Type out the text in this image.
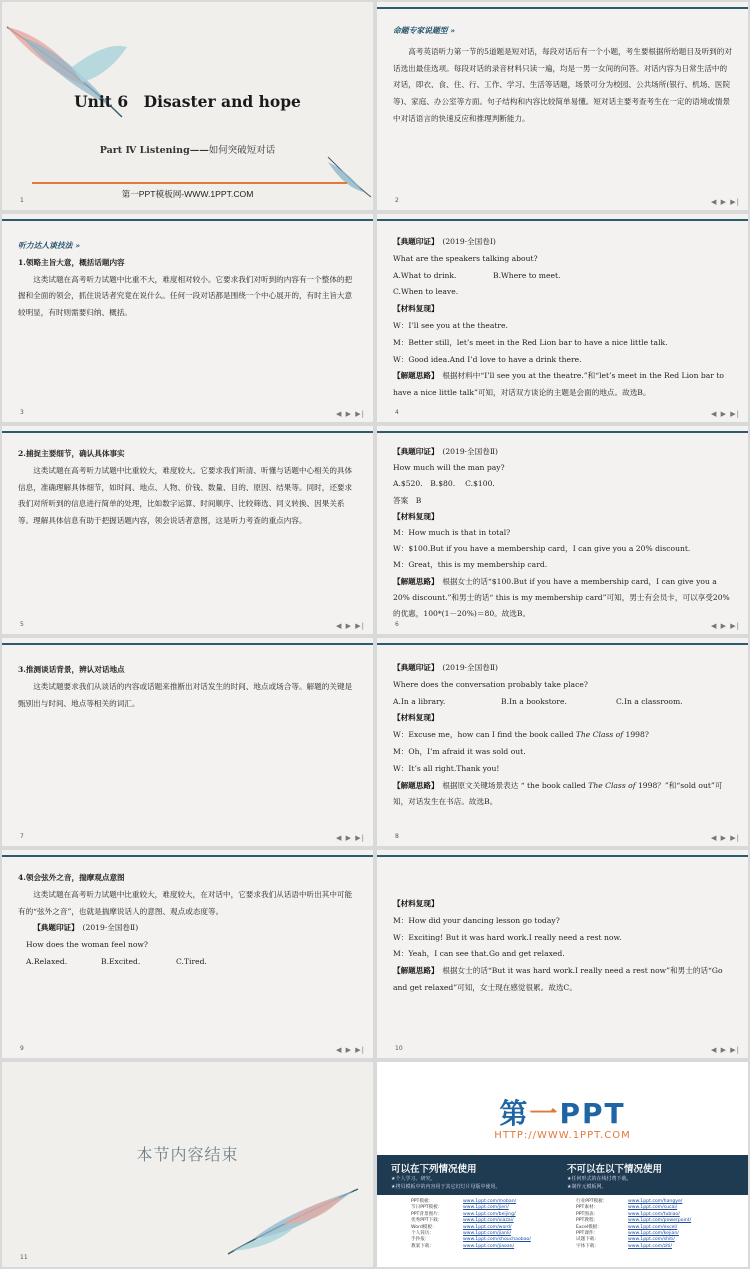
Unit 6　Disaster and hope
Part Ⅳ Listening——如何突破短对话
第一PPT模板网-WWW.1PPT.COM
1

命题专家说题型 »

高考英语听力第一节的5道题是短对话，每段对话后有一个小题，考生要根据所给题目及听到的对话选出最佳选项。每段对话的录音材料只读一遍，均是一男一女间的问答。对话内容为日常生活中的对话，即衣、食、住、行、工作、学习、生活等话题，场景可分为校园、公共场所(银行、机场、医院等)、家庭、办公室等方面。句子结构和内容比较简单易懂。短对话主要考查考生在一定的语境或情景中对话语言的快速反应和推理判断能力。

2	◀ ▶ ▶|

听力达人谈技法 »

1.领略主旨大意，概括话题内容

这类试题在高考听力试题中比重不大，难度相对较小。它要求我们对听到的内容有一个整体的把握和全面的领会，抓住说话者究竟在说什么。任何一段对话都是围绕一个中心展开的，有时主旨大意较明显，有时则需要归纳、概括。

3	◀ ▶ ▶|

【典题印证】　 (2019·全国卷Ⅰ)

What are the speakers talking about?

A.What to drink.	B.Where to meet.

C.When to leave.

【材料复现】

W：I’ll see you at the theatre.

M：Better still，let’s meet in the Red Lion bar to have a nice little talk.

W：Good idea.And I’d love to have a drink there.

【解题思路】　根据材料中“I’ll see you at the theatre.”和“let’s meet in the Red Lion bar to have a nice little talk”可知，对话双方谈论的主题是会面的地点。故选B。

4	◀ ▶ ▶|

2.捕捉主要细节，确认具体事实

这类试题在高考听力试题中比重较大，难度较大。它要求我们听清、听懂与话题中心相关的具体信息，准确理解具体细节，如时间、地点、人物、价钱、数量、目的、原因、结果等。同时，还要求我们对所听到的信息进行简单的处理，比如数字运算、时间顺序、比较筛选、同义转换、因果关系等。理解具体信息有助于把握话题内容，领会说话者意图，这是听力考查的重点内容。

5	◀ ▶ ▶|

【典题印证】　 (2019·全国卷Ⅱ)

How much will the man pay?

A.$520.　B.$80.　 C.$100.

答案　B

【材料复现】

M：How much is that in total?

W：$100.But if you have a membership card，I can give you a 20% discount.

M：Great，this is my membership card.

【解题思路】　根据女士的话“$100.But if you have a membership card，I can give you a 20% discount.”和男士的话“ this is my membership card”可知，男士有会员卡，可以享受20%的优惠，100*(1－20%)＝80。故选B。

6	◀ ▶ ▶|

3.推测谈话背景，辨认对话地点

这类试题要求我们从谈话的内容或话题来推断出对话发生的时间、地点或场合等。解题的关键是甄别出与时间、地点等相关的词汇。

7	◀ ▶ ▶|

【典题印证】　 (2019·全国卷Ⅱ)

Where does the conversation probably take place?

A.In a library.	B.In a bookstore.	C.In a classroom.

【材料复现】

W：Excuse me，how can I find the book called The Class of 1998?

M：Oh，I’m afraid it was sold out.

W：It’s all right.Thank you!

【解题思路】　根据原文关键场景表达 “ the book called The Class of 1998？”和“sold out”可知，对话发生在书店。故选B。

8	◀ ▶ ▶|

4.领会弦外之音，揣摩观点意图

这类试题在高考听力试题中比重较大，难度较大，在对话中，它要求我们从话语中听出其中可能有的“弦外之音”，也就是揣摩说话人的意图、观点或态度等。

【典题印证】　 (2019·全国卷Ⅱ)

How does the woman feel now?

A.Relaxed.	B.Excited.	C.Tired.

9	◀ ▶ ▶|

【材料复现】

M：How did your dancing lesson go today?

W：Exciting! But it was hard work.I really need a rest now.

M：Yeah，I can see that.Go and get relaxed.

【解题思路】　根据女士的话“But it was hard work.I really need a rest now”和男士的话“Go and get relaxed”可知，女士现在感觉很累。故选C。

10	◀ ▶ ▶|
本节内容结束
11
第一PPT
HTTP://WWW.1PPT.COM
可以在下列情况使用
★个人学习、研究。
★拷贝模板中的内容用于其它幻灯片母版中使用。
不可以在以下情况使用
★任何形式的在线付费下载。
★制作元模板网。
PPT模板：	www.1ppt.com/moban/
节日PPT模板：	www.1ppt.com/jieri/
PPT背景图片：	www.1ppt.com/beijing/
优秀PPT下载：	www.1ppt.com/xiazai/
Word模板：	www.1ppt.com/word/
个人简历：	www.1ppt.com/jianli/
手抄报：	www.1ppt.com/shouchaobao/
教案下载：	www.1ppt.com/jiaoan/
行业PPT模板：	www.1ppt.com/hangye/
PPT素材：	www.1ppt.com/sucai/
PPT图表：	www.1ppt.com/tubiao/
PPT教程：	www.1ppt.com/powerpoint/
Excel模板：	www.1ppt.com/excel/
PPT课件：	www.1ppt.com/kejian/
试题下载：	www.1ppt.com/shiti/
字体下载：	www.1ppt.com/ziti/
